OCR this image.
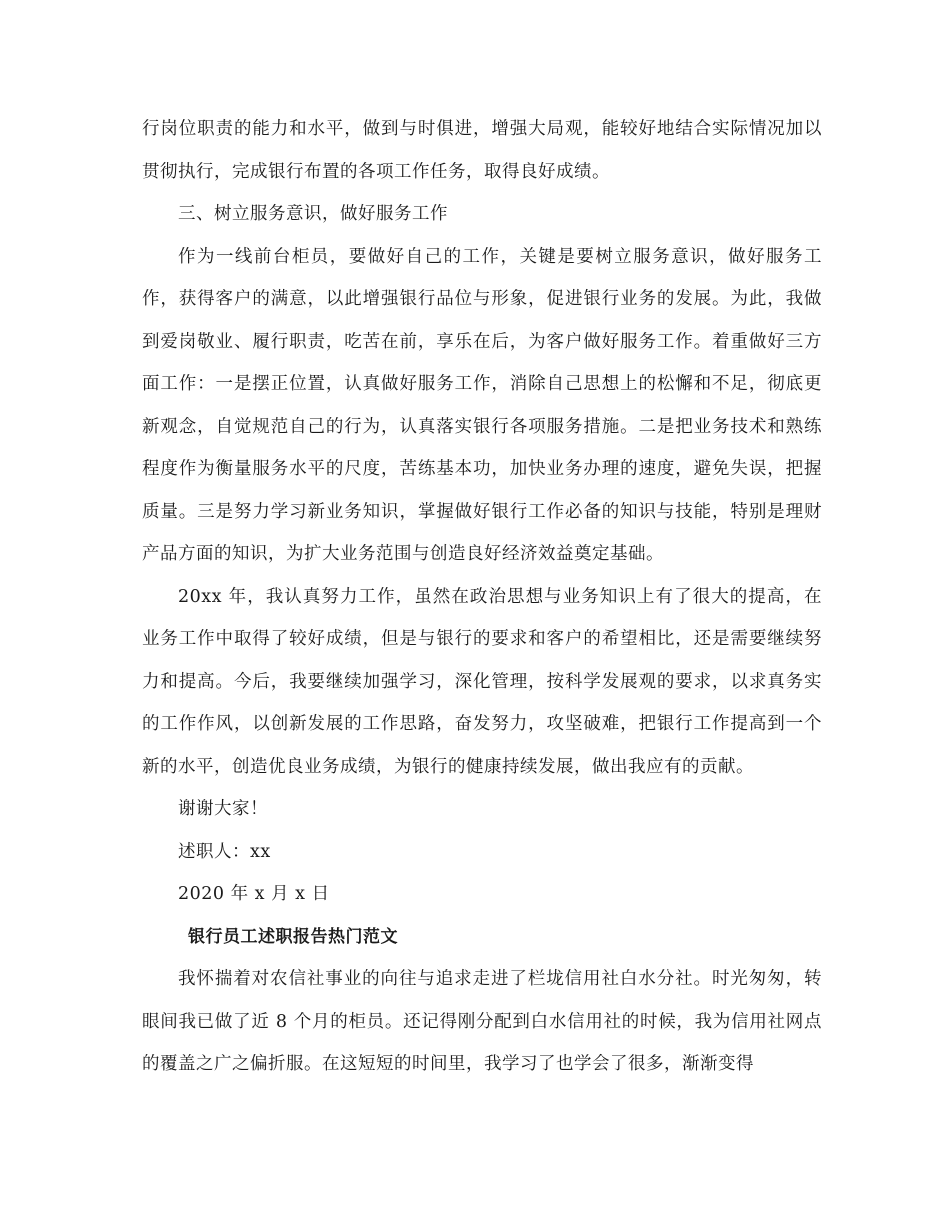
行岗位职责的能力和水平，做到与时俱进，增强大局观，能较好地结合实际情况加以贯彻执行，完成银行布置的各项工作任务，取得良好成绩。

三、树立服务意识，做好服务工作

作为一线前台柜员，要做好自己的工作，关键是要树立服务意识，做好服务工作，获得客户的满意，以此增强银行品位与形象，促进银行业务的发展。为此，我做到爱岗敬业、履行职责，吃苦在前，享乐在后，为客户做好服务工作。着重做好三方面工作：一是摆正位置，认真做好服务工作，消除自己思想上的松懈和不足，彻底更新观念，自觉规范自己的行为，认真落实银行各项服务措施。二是把业务技术和熟练程度作为衡量服务水平的尺度，苦练基本功，加快业务办理的速度，避免失误，把握质量。三是努力学习新业务知识，掌握做好银行工作必备的知识与技能，特别是理财产品方面的知识，为扩大业务范围与创造良好经济效益奠定基础。

20xx 年，我认真努力工作，虽然在政治思想与业务知识上有了很大的提高，在业务工作中取得了较好成绩，但是与银行的要求和客户的希望相比，还是需要继续努力和提高。今后，我要继续加强学习，深化管理，按科学发展观的要求，以求真务实的工作作风，以创新发展的工作思路，奋发努力，攻坚破难，把银行工作提高到一个新的水平，创造优良业务成绩，为银行的健康持续发展，做出我应有的贡献。

谢谢大家！

述职人：xx

2020 年 x 月 x 日

银行员工述职报告热门范文

我怀揣着对农信社事业的向往与追求走进了栏垅信用社白水分社。时光匆匆，转眼间我已做了近 8 个月的柜员。还记得刚分配到白水信用社的时候，我为信用社网点的覆盖之广之偏折服。在这短短的时间里，我学习了也学会了很多，渐渐变得
